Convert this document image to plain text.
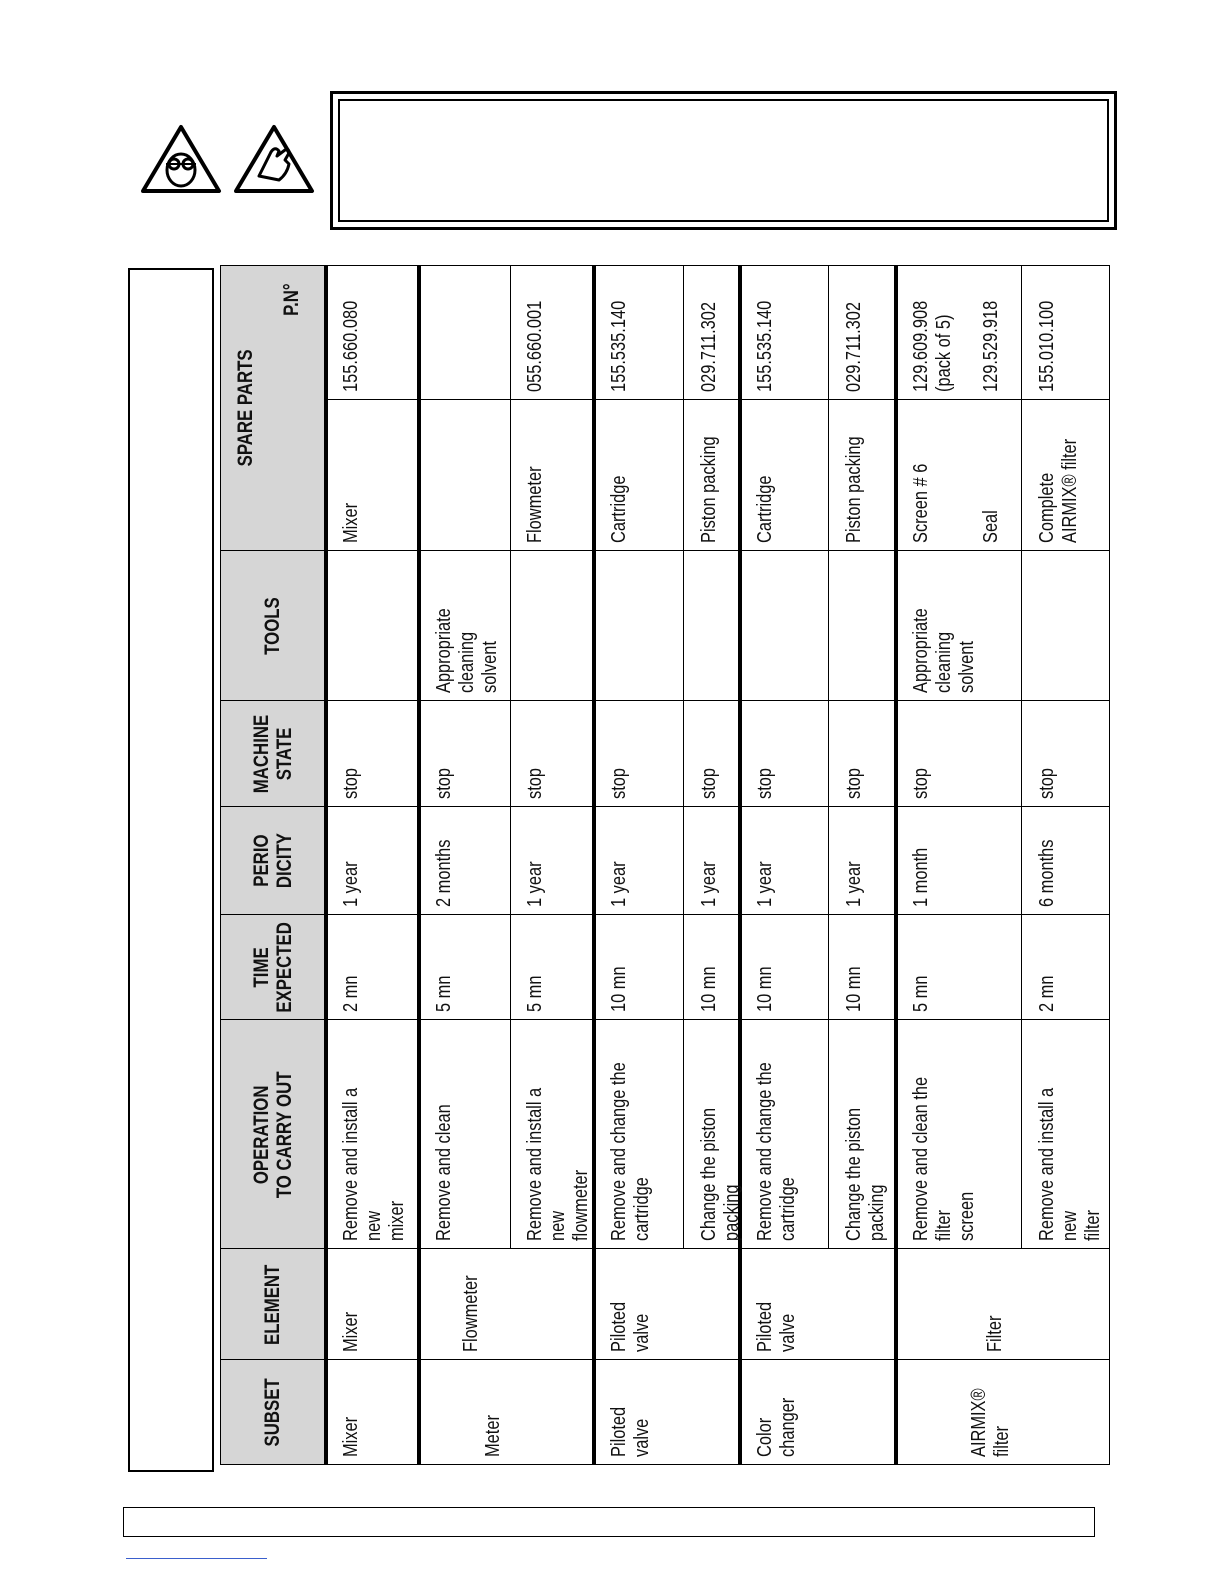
SUBSET
ELEMENT
OPERATION
TO CARRY OUT
TIME
EXPECTED
PERIO
DICITY
MACHINE
STATE
TOOLS
SPARE PARTS
P.N°
Mixer
Mixer
Remove and install a new
mixer
2 mn
1 year
stop
Mixer
155.660.080
Meter
Flowmeter
Remove and clean
5 mn
2 months
stop
Appropriate
cleaning solvent
Remove and install a new
flowmeter
5 mn
1 year
stop
Flowmeter
055.660.001
Piloted
valve
Piloted
valve
Remove and change the
cartridge
10 mn
1 year
stop
Cartridge
155.535.140
Change the piston packing
10 mn
1 year
stop
Piston packing
029.711.302
Color
changer
Piloted
valve
Remove and change the
cartridge
10 mn
1 year
stop
Cartridge
155.535.140
Change the piston packing
10 mn
1 year
stop
Piston packing
029.711.302
AIRMIX®
filter
Filter
Remove and clean the filter
screen
5 mn
1 month
stop
Appropriate
cleaning solvent
Screen # 6	Seal
129.609.908
(pack of 5)	129.529.918
Remove and install a new
filter
2 mn
6 months
stop
Complete
AIRMIX® filter
155.010.100
